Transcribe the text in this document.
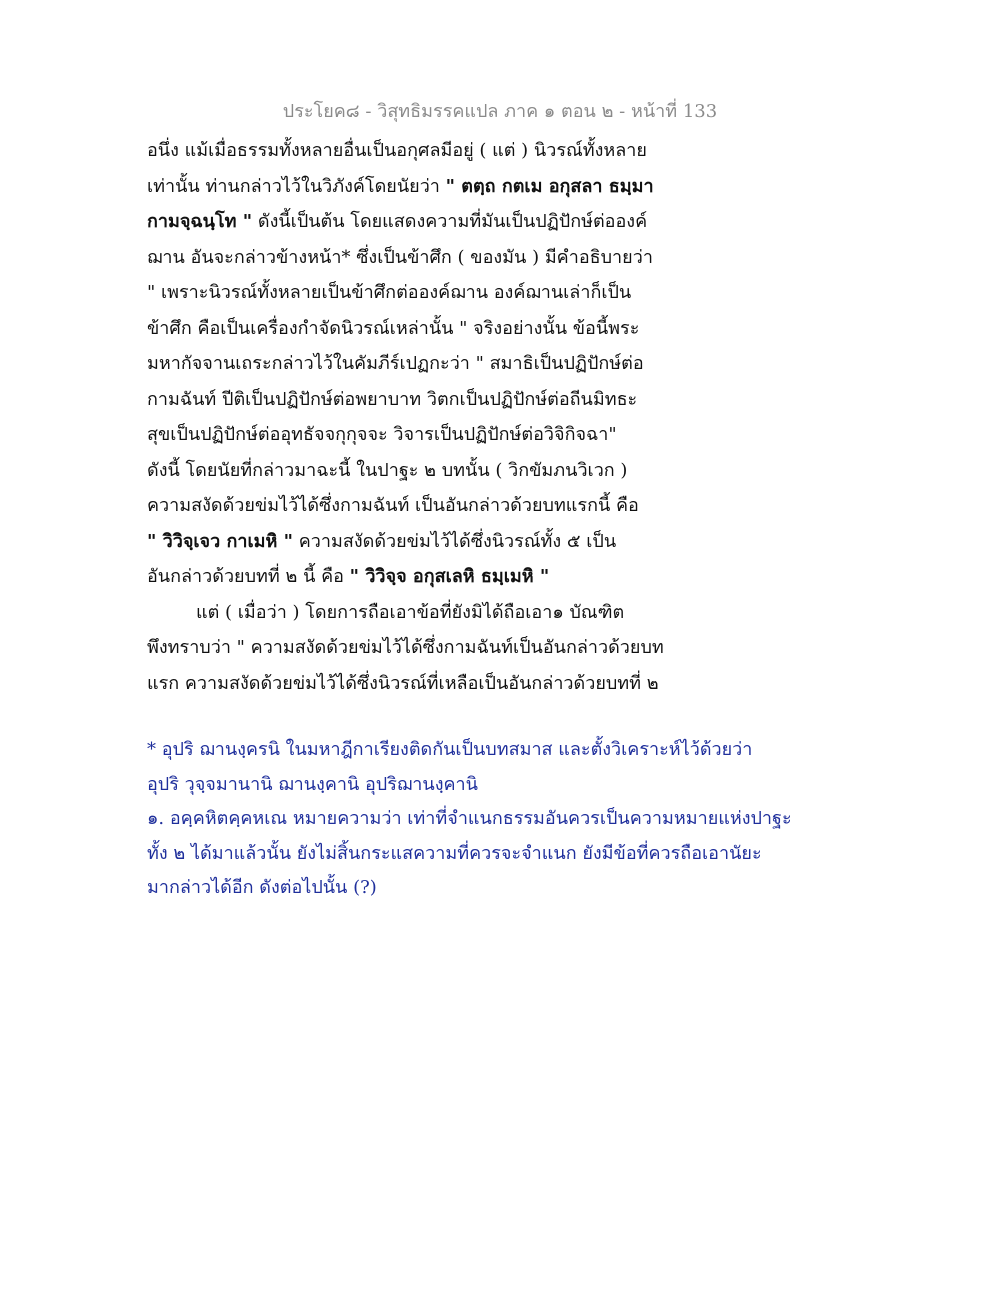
ประโยค๘ - วิสุทธิมรรคแปล ภาค ๑ ตอน ๒ - หน้าที่ 133
อนึ่ง แม้เมื่อธรรมทั้งหลายอื่นเป็นอกุศลมีอยู่ ( แต่ ) นิวรณ์ทั้งหลาย
เท่านั้น ท่านกล่าวไว้ในวิภังค์โดยนัยว่า " ตตฺถ กตเม อกุสลา ธมฺมา
กามจฺฉนฺโท " ดังนี้เป็นต้น โดยแสดงความที่มันเป็นปฏิปักษ์ต่อองค์
ฌาน อันจะกล่าวข้างหน้า* ซึ่งเป็นข้าศึก ( ของมัน ) มีคำอธิบายว่า
" เพราะนิวรณ์ทั้งหลายเป็นข้าศึกต่อองค์ฌาน องค์ฌานเล่าก็เป็น
ข้าศึก คือเป็นเครื่องกำจัดนิวรณ์เหล่านั้น " จริงอย่างนั้น ข้อนี้พระ
มหากัจจานเถระกล่าวไว้ในคัมภีร์เปฏกะว่า " สมาธิเป็นปฏิปักษ์ต่อ
กามฉันท์ ปีติเป็นปฏิปักษ์ต่อพยาบาท วิตกเป็นปฏิปักษ์ต่อถีนมิทธะ
สุขเป็นปฏิปักษ์ต่ออุทธัจจกุกุจจะ วิจารเป็นปฏิปักษ์ต่อวิจิกิจฉา"
ดังนี้ โดยนัยที่กล่าวมาฉะนี้ ในปาฐะ ๒ บทนั้น ( วิกขัมภนวิเวก )
ความสงัดด้วยข่มไว้ได้ซึ่งกามฉันท์ เป็นอันกล่าวด้วยบทแรกนี้ คือ
" วิวิจฺเจว กาเมหิ " ความสงัดด้วยข่มไว้ได้ซึ่งนิวรณ์ทั้ง ๕ เป็น
อันกล่าวด้วยบทที่ ๒ นี้ คือ " วิวิจฺจ อกุสเลหิ ธมฺเมหิ "
แต่ ( เมื่อว่า ) โดยการถือเอาข้อที่ยังมิได้ถือเอา๑ บัณฑิต
พึงทราบว่า " ความสงัดด้วยข่มไว้ได้ซึ่งกามฉันท์เป็นอันกล่าวด้วยบท
แรก ความสงัดด้วยข่มไว้ได้ซึ่งนิวรณ์ที่เหลือเป็นอันกล่าวด้วยบทที่ ๒
* อุปริ ฌานงฺครนิ ในมหาฎีกาเรียงติดกันเป็นบทสมาส และตั้งวิเคราะห์ไว้ด้วยว่า
อุปริ วุจฺจมานานิ ฌานงฺคานิ อุปริฌานงฺคานิ
๑. อคฺคหิตคฺคหเณ หมายความว่า เท่าที่จำแนกธรรมอันควรเป็นความหมายแห่งปาฐะ
ทั้ง ๒ ได้มาแล้วนั้น ยังไม่สิ้นกระแสความที่ควรจะจำแนก ยังมีข้อที่ควรถือเอานัยะ
มากล่าวได้อีก ดังต่อไปนั้น (?)
